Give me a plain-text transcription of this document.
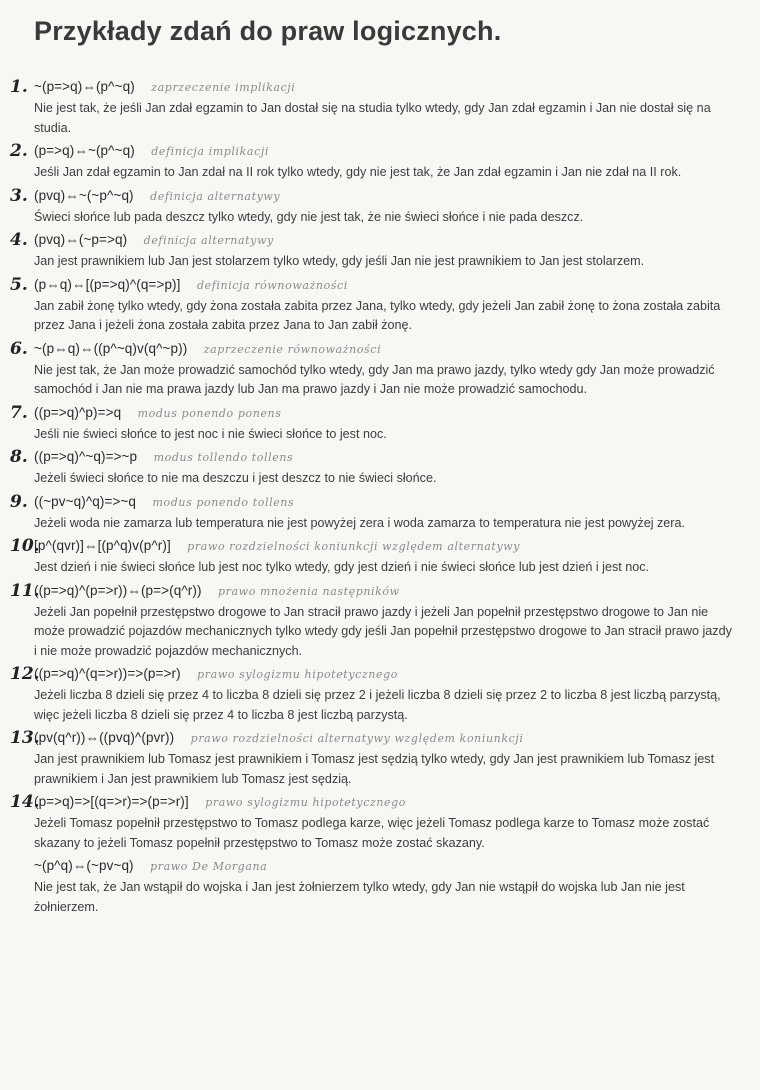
Przykłady zdań do praw logicznych.
1. ~(p=>q)⇔(p^~q) zaprzeczenie implikacji
Nie jest tak, że jeśli Jan zdał egzamin to Jan dostał się na studia tylko wtedy, gdy Jan zdał egzamin i Jan nie dostał się na studia.
2. (p=>q)⇔~(p^~q) definicja implikacji
Jeśli Jan zdał egzamin to Jan zdał na II rok tylko wtedy, gdy nie jest tak, że Jan zdał egzamin i Jan nie zdał na II rok.
3. (pvq)⇔~(~p^~q) definicja alternatywy
Świeci słońce lub pada deszcz tylko wtedy, gdy nie jest tak, że nie świeci słońce i nie pada deszcz.
4. (pvq)⇔(~p=>q) definicja alternatywy
Jan jest prawnikiem lub Jan jest stolarzem tylko wtedy, gdy jeśli Jan nie jest prawnikiem to Jan jest stolarzem.
5. (p⇔q)⇔[(p=>q)^(q=>p)] definicja równoważności
Jan zabił żonę tylko wtedy, gdy żona została zabita przez Jana, tylko wtedy, gdy jeżeli Jan zabił żonę to żona została zabita przez Jana i jeżeli żona została zabita przez Jana to Jan zabił żonę.
6. ~(p⇔q)⇔((p^~q)v(q^~p)) zaprzeczenie równoważności
Nie jest tak, że Jan może prowadzić samochód tylko wtedy, gdy Jan ma prawo jazdy, tylko wtedy gdy Jan może prowadzić samochód i Jan nie ma prawa jazdy lub Jan ma prawo jazdy i Jan nie może prowadzić samochodu.
7. ((p=>q)^p)=>q modus ponendo ponens
Jeśli nie świeci słońce to jest noc i nie świeci słońce to jest noc.
8. ((p=>q)^~q)=>~p modus tollendo tollens
Jeżeli świeci słońce to nie ma deszczu i jest deszcz to nie świeci słońce.
9. ((~pv~q)^q)=>~q modus ponendo tollens
Jeżeli woda nie zamarza lub temperatura nie jest powyżej zera i woda zamarza to temperatura nie jest powyżej zera.
10.
[p^(qvr)]⇔[(p^q)v(p^r)] prawo rozdzielności koniunkcji względem alternatywy
Jest dzień i nie świeci słońce lub jest noc tylko wtedy, gdy jest dzień i nie świeci słońce lub jest dzień i jest noc.
11.
((p=>q)^(p=>r))⇔(p=>(q^r)) prawo mnożenia następników
Jeżeli Jan popełnił przestępstwo drogowe to Jan stracił prawo jazdy i jeżeli Jan popełnił przestępstwo drogowe to Jan nie może prowadzić pojazdów mechanicznych tylko wtedy gdy jeśli Jan popełnił przestępstwo drogowe to Jan stracił prawo jazdy i nie może prowadzić pojazdów mechanicznych.
12.
((p=>q)^(q=>r))=>(p=>r) prawo sylogizmu hipotetycznego
Jeżeli liczba 8 dzieli się przez 4 to liczba 8 dzieli się przez 2 i jeżeli liczba 8 dzieli się przez 2 to liczba 8 jest liczbą parzystą, więc jeżeli liczba 8 dzieli się przez 4 to liczba 8 jest liczbą parzystą.
13.
(pv(q^r))⇔((pvq)^(pvr)) prawo rozdzielności alternatywy względem koniunkcji
Jan jest prawnikiem lub Tomasz jest prawnikiem i Tomasz jest sędzią tylko wtedy, gdy Jan jest prawnikiem lub Tomasz jest prawnikiem i Jan jest prawnikiem lub Tomasz jest sędzią.
14.
(p=>q)=>[(q=>r)=>(p=>r)] prawo sylogizmu hipotetycznego
Jeżeli Tomasz popełnił przestępstwo to Tomasz podlega karze, więc jeżeli Tomasz podlega karze to Tomasz może zostać skazany to jeżeli Tomasz popełnił przestępstwo to Tomasz może zostać skazany.
~(p^q)⇔(~pv~q) prawo De Morgana
Nie jest tak, że Jan wstąpił do wojska i Jan jest żołnierzem tylko wtedy, gdy Jan nie wstąpił do wojska lub Jan nie jest żołnierzem.
